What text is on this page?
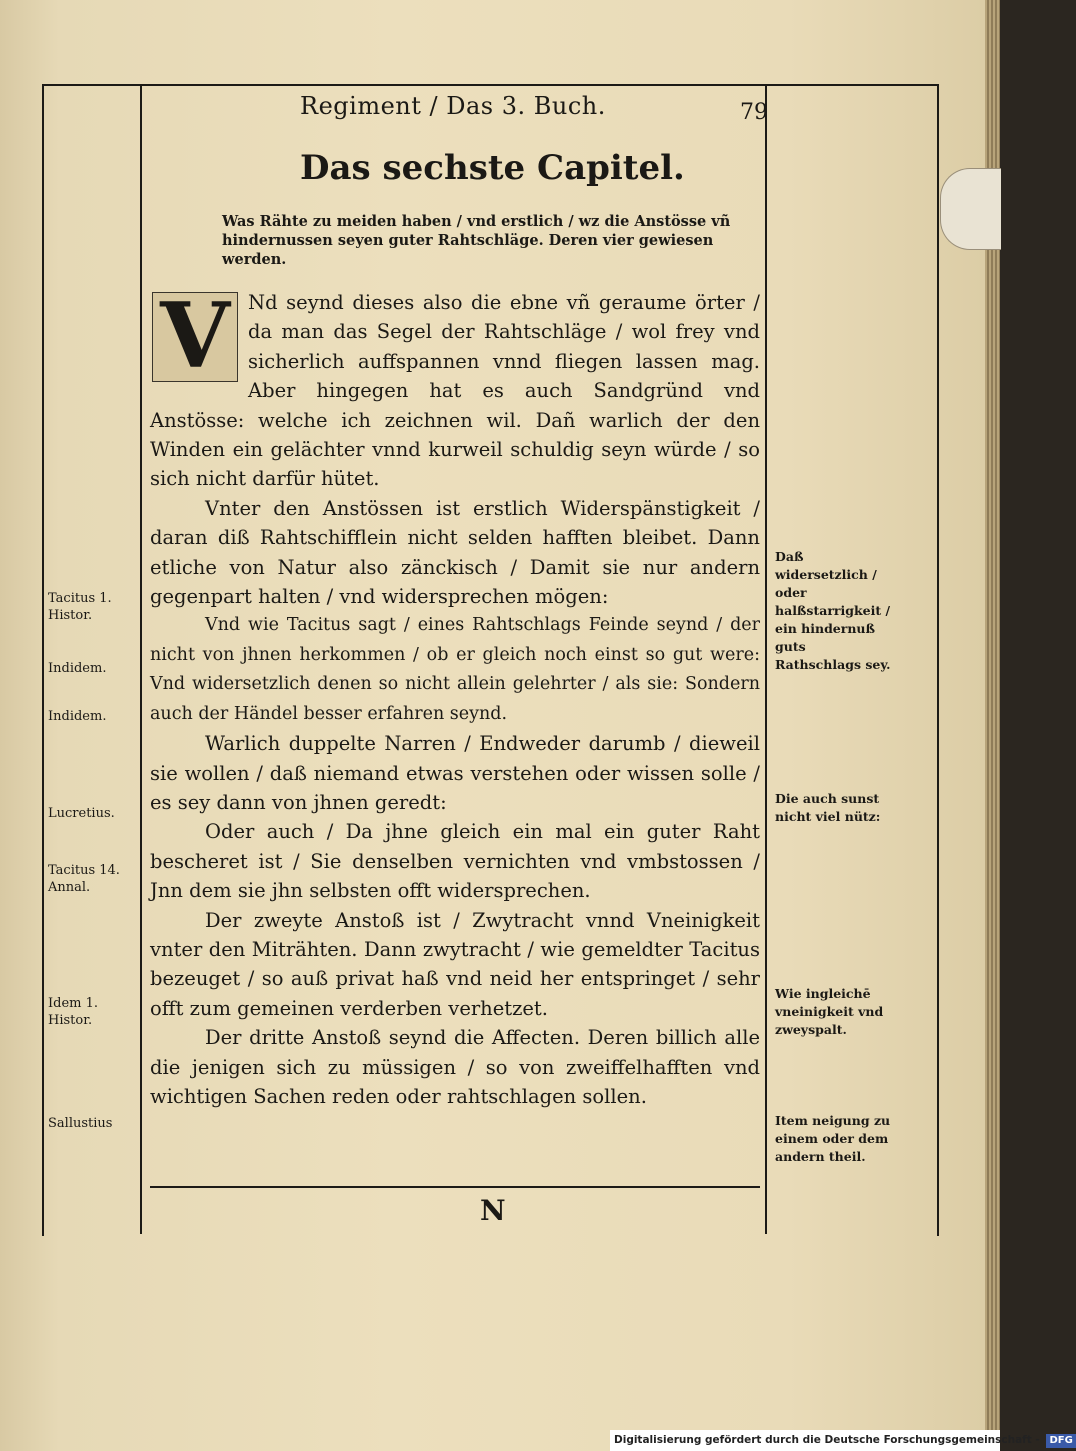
Regiment / Das 3. Buch.	79
Das sechste Capitel.
Was Rähte zu meiden haben / vnd erstlich / wz die Anstösse vñ hindernussen seyen guter Rahtschläge. Deren vier gewiesen werden.
V Nd seynd dieses also die ebne vñ geraume örter / da man das Segel der Rahtschläge / wol frey vnd sicherlich auffspannen vnnd fliegen lassen mag. Aber hingegen hat es auch Sandgründ vnd Anstösse: welche ich zeichnen wil. Dañ warlich der den Winden ein gelächter vnnd kurweil schuldig seyn würde / so sich nicht darfür hütet.

Vnter den Anstössen ist erstlich Widerspänstigkeit / daran diß Rahtschifflein nicht selden hafften bleibet. Dann etliche von Natur also zänckisch / Damit sie nur andern gegenpart halten / vnd widersprechen mögen:

Vnd wie Tacitus sagt / eines Rahtschlags Feinde seynd / der nicht von jhnen herkommen / ob er gleich noch einst so gut were: Vnd widersetzlich denen so nicht allein gelehrter / als sie: Sondern auch der Händel besser erfahren seynd.

Warlich duppelte Narren / Endweder darumb / dieweil sie wollen / daß niemand etwas verstehen oder wissen solle / es sey dann von jhnen geredt:

Oder auch / Da jhne gleich ein mal ein guter Raht bescheret ist / Sie denselben vernichten vnd vmbstossen / Jnn dem sie jhn selbsten offt widersprechen.

Der zweyte Anstoß ist / Zwytracht vnnd Vneinigkeit vnter den Miträhten. Dann zwytracht / wie gemeldter Tacitus bezeuget / so auß privat haß vnd neid her entspringet / sehr offt zum gemeinen verderben verhetzet.

Der dritte Anstoß seynd die Affecten. Deren billich alle die jenigen sich zu müssigen / so von zweiffelhafften vnd wichtigen Sachen reden oder rahtschlagen sollen.

Tacitus 1. Histor.
Indidem.
Indidem.
Lucretius.
Tacitus 14. Annal.
Idem 1. Histor.
Sallustius
Daß widersetzlich / oder halßstarrigkeit / ein hindernuß guts Rathschlags sey.
Die auch sunst nicht viel nütz:
Wie ingleichē vneinigkeit vnd zweyspalt.
Item neigung zu einem oder dem andern theil.
N
Digitalisierung gefördert durch die Deutsche Forschungsgemeinschaft - DFG
